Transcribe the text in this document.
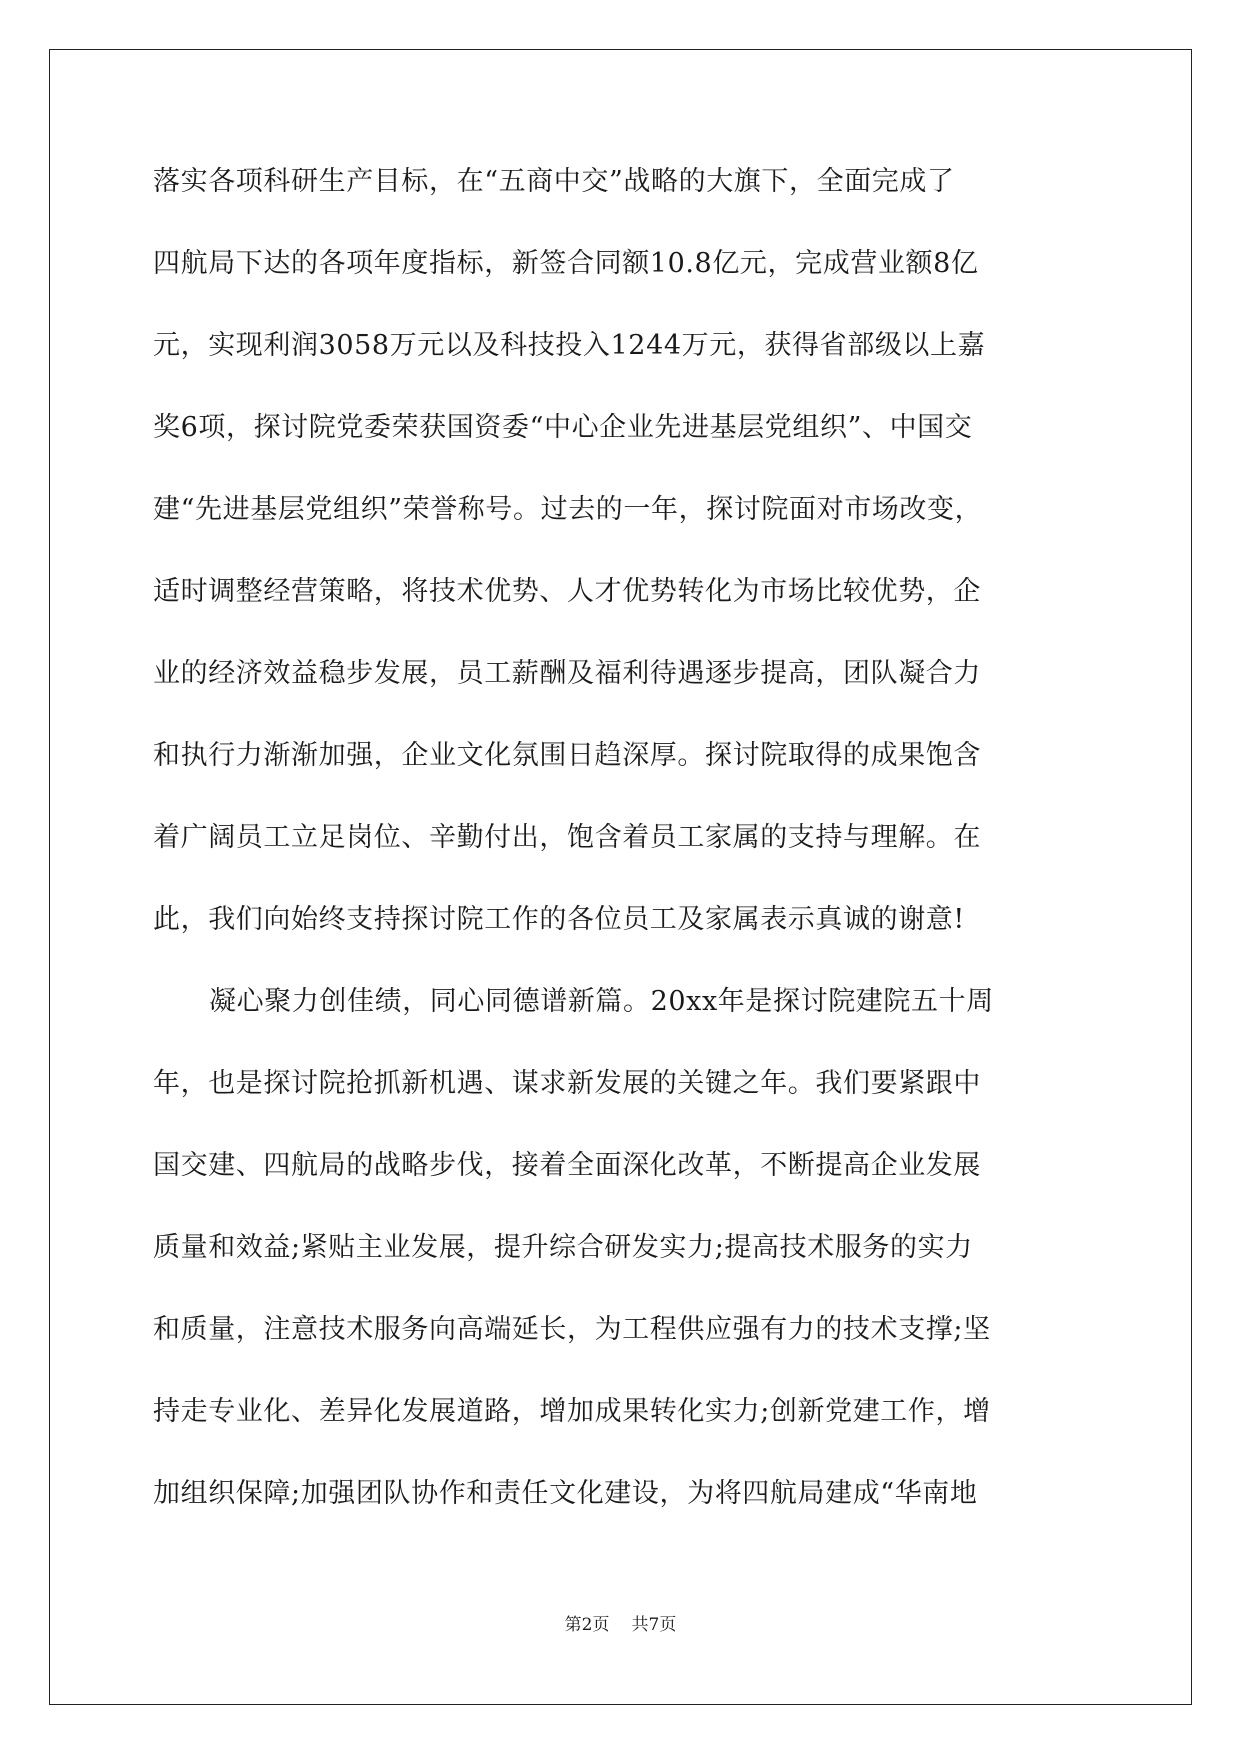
落实各项科研生产目标，在“五商中交”战略的大旗下，全面完成了
四航局下达的各项年度指标，新签合同额10.8亿元，完成营业额8亿
元，实现利润3058万元以及科技投入1244万元，获得省部级以上嘉
奖6项，探讨院党委荣获国资委“中心企业先进基层党组织”、中国交
建“先进基层党组织”荣誉称号。过去的一年，探讨院面对市场改变，
适时调整经营策略，将技术优势、人才优势转化为市场比较优势，企
业的经济效益稳步发展，员工薪酬及福利待遇逐步提高，团队凝合力
和执行力渐渐加强，企业文化氛围日趋深厚。探讨院取得的成果饱含
着广阔员工立足岗位、辛勤付出，饱含着员工家属的支持与理解。在
此，我们向始终支持探讨院工作的各位员工及家属表示真诚的谢意!
凝心聚力创佳绩，同心同德谱新篇。20xx年是探讨院建院五十周
年，也是探讨院抢抓新机遇、谋求新发展的关键之年。我们要紧跟中
国交建、四航局的战略步伐，接着全面深化改革，不断提高企业发展
质量和效益;紧贴主业发展，提升综合研发实力;提高技术服务的实力
和质量，注意技术服务向高端延长，为工程供应强有力的技术支撑;坚
持走专业化、差异化发展道路，增加成果转化实力;创新党建工作，增
加组织保障;加强团队协作和责任文化建设，为将四航局建成“华南地
第2页 共7页
